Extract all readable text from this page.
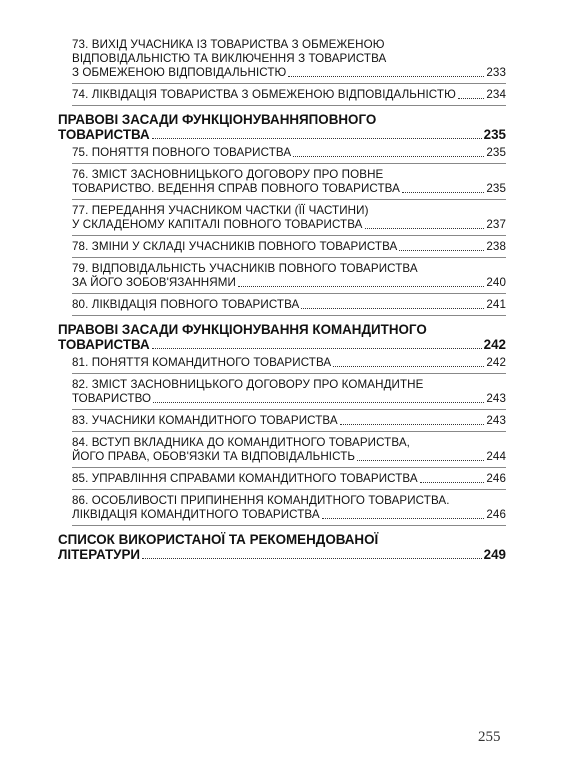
73. ВИХІД УЧАСНИКА ІЗ ТОВАРИСТВА З ОБМЕЖЕНОЮ
ВІДПОВІДАЛЬНІСТЮ ТА ВИКЛЮЧЕННЯ З ТОВАРИСТВА
З ОБМЕЖЕНОЮ ВІДПОВІДАЛЬНІСТЮ	233
74. ЛІКВІДАЦІЯ ТОВАРИСТВА З ОБМЕЖЕНОЮ ВІДПОВІДАЛЬНІСТЮ	234
ПРАВОВІ ЗАСАДИ ФУНКЦІОНУВАННЯПОВНОГО
ТОВАРИСТВА	235
75. ПОНЯТТЯ ПОВНОГО ТОВАРИСТВА	235
76. ЗМІСТ ЗАСНОВНИЦЬКОГО ДОГОВОРУ ПРО ПОВНЕ
ТОВАРИСТВО. ВЕДЕННЯ СПРАВ ПОВНОГО ТОВАРИСТВА	235
77. ПЕРЕДАННЯ УЧАСНИКОМ ЧАСТКИ (ЇЇ ЧАСТИНИ)
У СКЛАДЕНОМУ КАПІТАЛІ ПОВНОГО ТОВАРИСТВА	237
78. ЗМІНИ У СКЛАДІ УЧАСНИКІВ ПОВНОГО ТОВАРИСТВА	238
79. ВІДПОВІДАЛЬНІСТЬ УЧАСНИКІВ ПОВНОГО ТОВАРИСТВА
ЗА ЙОГО ЗОБОВ'ЯЗАННЯМИ	240
80. ЛІКВІДАЦІЯ ПОВНОГО ТОВАРИСТВА	241
ПРАВОВІ ЗАСАДИ ФУНКЦІОНУВАННЯ КОМАНДИТНОГО
ТОВАРИСТВА	242
81. ПОНЯТТЯ КОМАНДИТНОГО ТОВАРИСТВА	242
82. ЗМІСТ ЗАСНОВНИЦЬКОГО ДОГОВОРУ ПРО КОМАНДИТНЕ
ТОВАРИСТВО	243
83. УЧАСНИКИ КОМАНДИТНОГО ТОВАРИСТВА	243
84. ВСТУП ВКЛАДНИКА ДО КОМАНДИТНОГО ТОВАРИСТВА,
ЙОГО ПРАВА, ОБОВ'ЯЗКИ ТА ВІДПОВІДАЛЬНІСТЬ	244
85. УПРАВЛІННЯ СПРАВАМИ КОМАНДИТНОГО ТОВАРИСТВА	246
86. ОСОБЛИВОСТІ ПРИПИНЕННЯ КОМАНДИТНОГО ТОВАРИСТВА.
ЛІКВІДАЦІЯ КОМАНДИТНОГО ТОВАРИСТВА	246
СПИСОК ВИКОРИСТАНОЇ ТА РЕКОМЕНДОВАНОЇ
ЛІТЕРАТУРИ	249
255
